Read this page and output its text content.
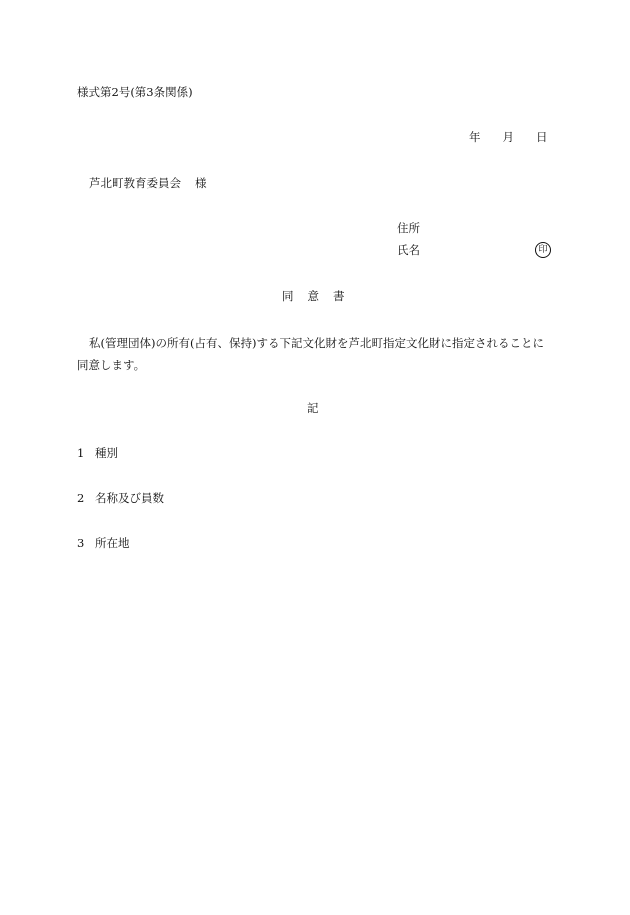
様式第2号(第3条関係)
年 月 日
芦北町教育委員会 様
住所
氏名	印
同 意 書
私(管理団体)の所有(占有、保持)する下記文化財を芦北町指定文化財に指定されることに同意します。
記
1 種別
2 名称及び員数
3 所在地
